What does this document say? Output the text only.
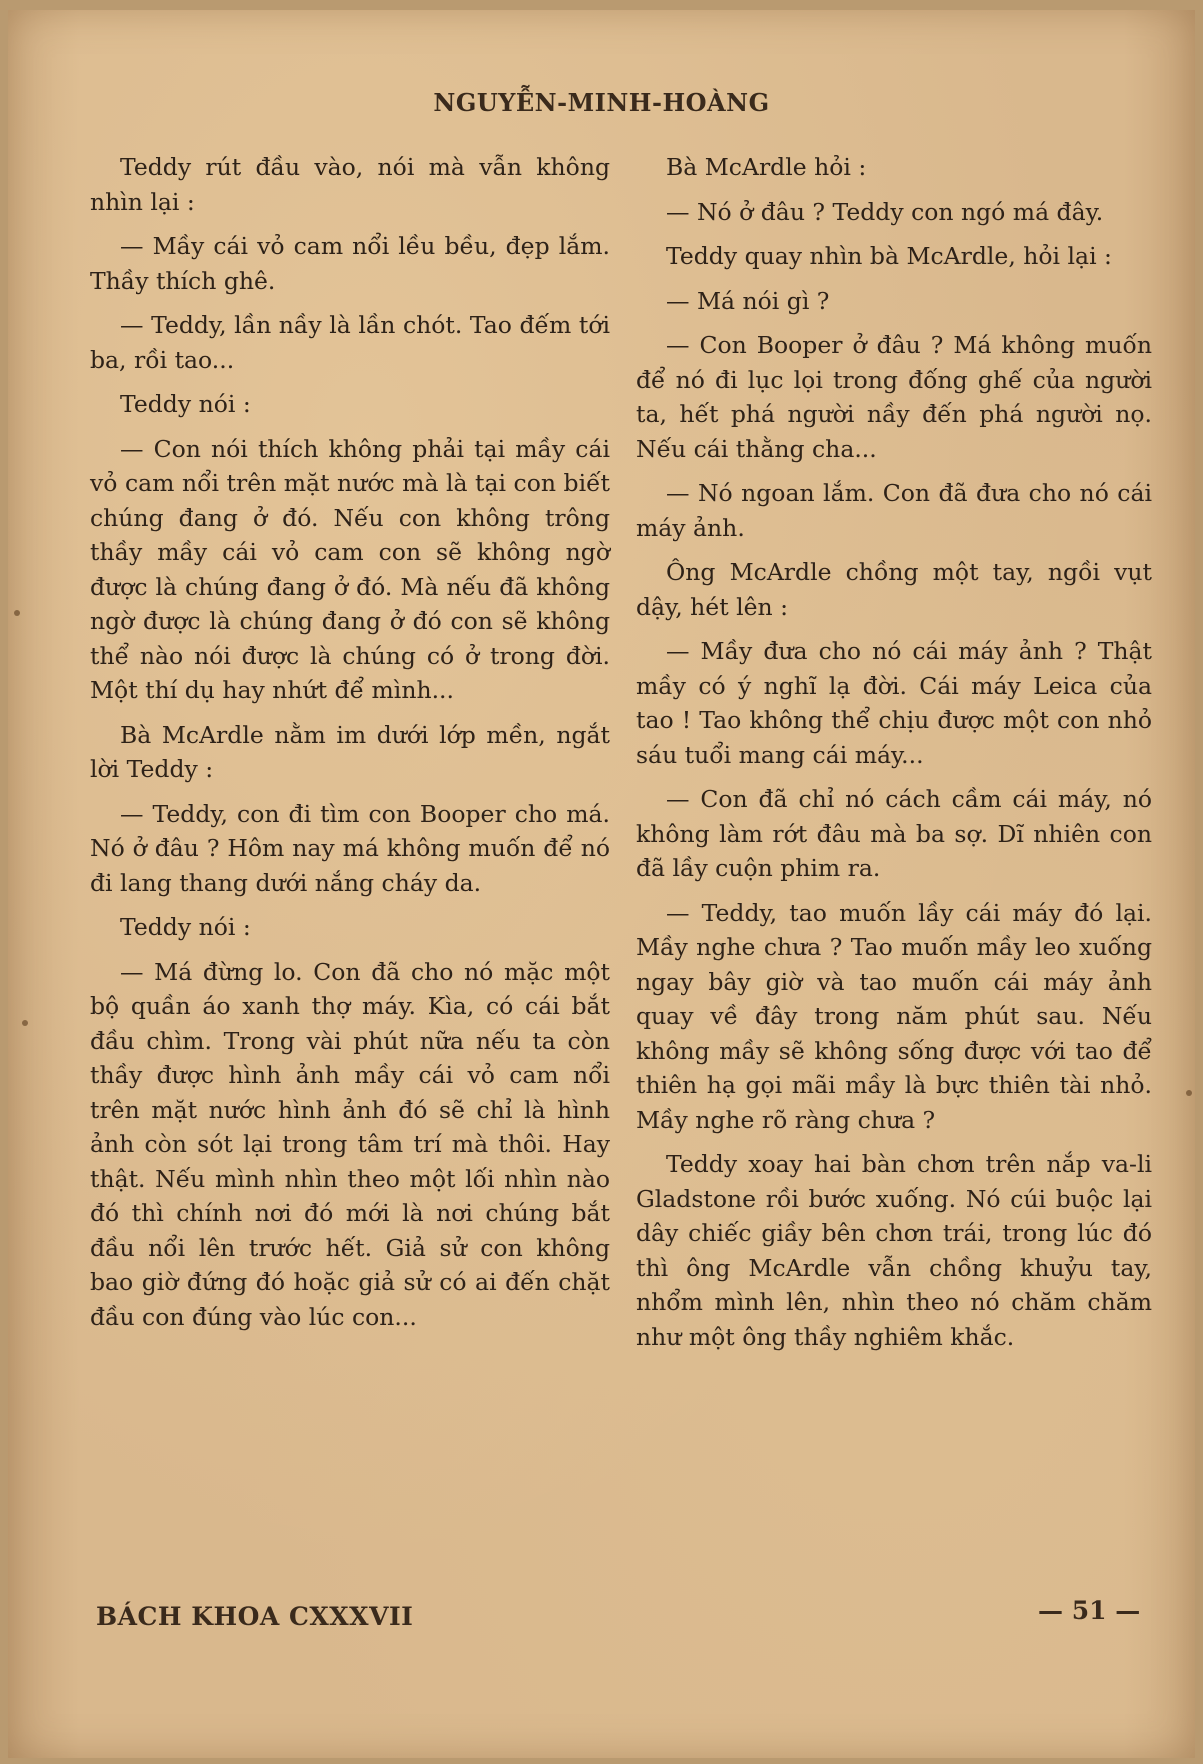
NGUYỄN-MINH-HOÀNG

Teddy rút đầu vào, nói mà vẫn không nhìn lại :

— Mầy cái vỏ cam nổi lều bều, đẹp lắm. Thầy thích ghê.

— Teddy, lần nầy là lần chót. Tao đếm tới ba, rồi tao...

Teddy nói :

— Con nói thích không phải tại mầy cái vỏ cam nổi trên mặt nước mà là tại con biết chúng đang ở đó. Nếu con không trông thầy mầy cái vỏ cam con sẽ không ngờ được là chúng đang ở đó. Mà nếu đã không ngờ được là chúng đang ở đó con sẽ không thể nào nói được là chúng có ở trong đời. Một thí dụ hay nhứt để mình...

Bà McArdle nằm im dưới lớp mền, ngắt lời Teddy :

— Teddy, con đi tìm con Booper cho má. Nó ở đâu ? Hôm nay má không muốn để nó đi lang thang dưới nắng cháy da.

Teddy nói :

— Má đừng lo. Con đã cho nó mặc một bộ quần áo xanh thợ máy. Kìa, có cái bắt đầu chìm. Trong vài phút nữa nếu ta còn thầy được hình ảnh mầy cái vỏ cam nổi trên mặt nước hình ảnh đó sẽ chỉ là hình ảnh còn sót lại trong tâm trí mà thôi. Hay thật. Nếu mình nhìn theo một lối nhìn nào đó thì chính nơi đó mới là nơi chúng bắt đầu nổi lên trước hết. Giả sử con không bao giờ đứng đó hoặc giả sử có ai đến chặt đầu con đúng vào lúc con...

Bà McArdle hỏi :

— Nó ở đâu ? Teddy con ngó má đây.

Teddy quay nhìn bà McArdle, hỏi lại :

— Má nói gì ?

— Con Booper ở đâu ? Má không muốn để nó đi lục lọi trong đống ghế của người ta, hết phá người nầy đến phá người nọ. Nếu cái thằng cha...

— Nó ngoan lắm. Con đã đưa cho nó cái máy ảnh.

Ông McArdle chồng một tay, ngồi vụt dậy, hét lên :

— Mầy đưa cho nó cái máy ảnh ? Thật mầy có ý nghĩ lạ đời. Cái máy Leica của tao ! Tao không thể chịu được một con nhỏ sáu tuổi mang cái máy...

— Con đã chỉ nó cách cầm cái máy, nó không làm rớt đâu mà ba sợ. Dĩ nhiên con đã lầy cuộn phim ra.

— Teddy, tao muốn lầy cái máy đó lại. Mầy nghe chưa ? Tao muốn mầy leo xuống ngay bây giờ và tao muốn cái máy ảnh quay về đây trong năm phút sau. Nếu không mầy sẽ không sống được với tao để thiên hạ gọi mãi mầy là bực thiên tài nhỏ. Mầy nghe rõ ràng chưa ?

Teddy xoay hai bàn chơn trên nắp va-li Gladstone rồi bước xuống. Nó cúi buộc lại dây chiếc giầy bên chơn trái, trong lúc đó thì ông McArdle vẫn chồng khuỷu tay, nhổm mình lên, nhìn theo nó chăm chăm như một ông thầy nghiêm khắc.

BÁCH KHOA CXXXVII	— 51 —
